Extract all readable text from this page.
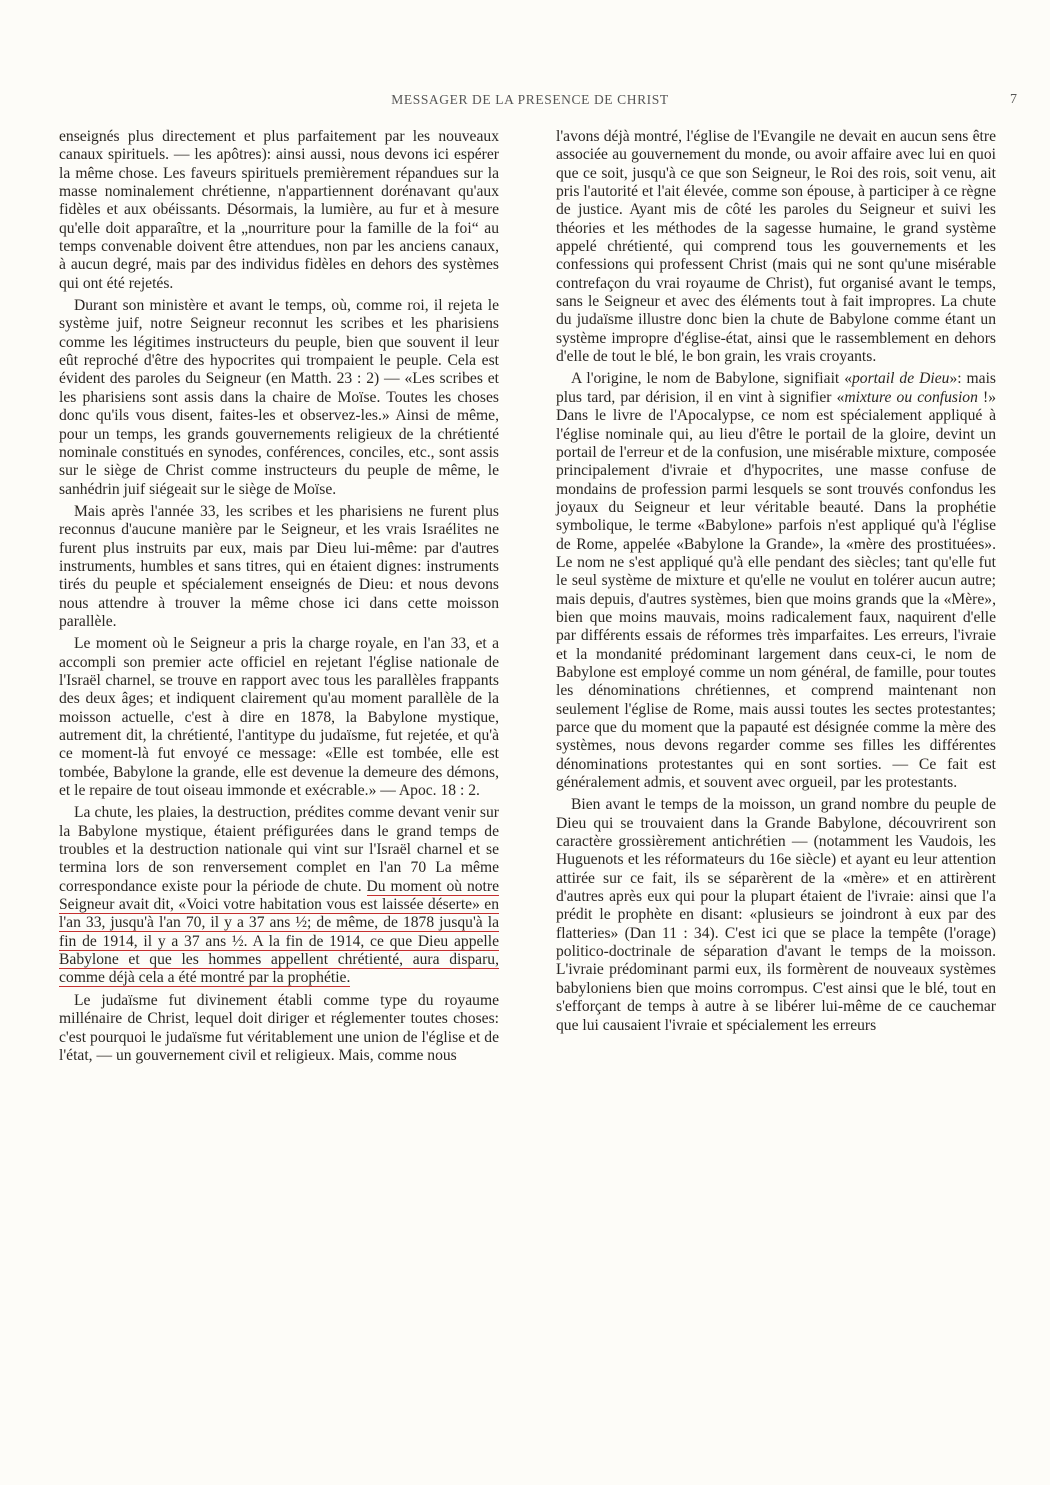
MESSAGER DE LA PRESENCE DE CHRIST	7

enseignés plus directement et plus parfaitement par les nouveaux canaux spirituels. — les apôtres): ainsi aussi, nous devons ici espérer la même chose. Les faveurs spirituels premièrement répandues sur la masse nominalement chrétienne, n'appartiennent dorénavant qu'aux fidèles et aux obéissants. Désormais, la lumière, au fur et à mesure qu'elle doit apparaître, et la „nourriture pour la famille de la foi“ au temps convenable doivent être attendues, non par les anciens canaux, à aucun degré, mais par des individus fidèles en dehors des systèmes qui ont été rejetés.

Durant son ministère et avant le temps, où, comme roi, il rejeta le système juif, notre Seigneur reconnut les scribes et les pharisiens comme les légitimes instructeurs du peuple, bien que souvent il leur eût reproché d'être des hypocrites qui trompaient le peuple. Cela est évident des paroles du Seigneur (en Matth. 23 : 2) — «Les scribes et les pharisiens sont assis dans la chaire de Moïse. Toutes les choses donc qu'ils vous disent, faites-les et observez-les.» Ainsi de même, pour un temps, les grands gouvernements religieux de la chrétienté nominale constitués en synodes, conférences, conciles, etc., sont assis sur le siège de Christ comme instructeurs du peuple de même, le sanhédrin juif siégeait sur le siège de Moïse.

Mais après l'année 33, les scribes et les pharisiens ne furent plus reconnus d'aucune manière par le Seigneur, et les vrais Israélites ne furent plus instruits par eux, mais par Dieu lui-même: par d'autres instruments, humbles et sans titres, qui en étaient dignes: instruments tirés du peuple et spécialement enseignés de Dieu: et nous devons nous attendre à trouver la même chose ici dans cette moisson parallèle.

Le moment où le Seigneur a pris la charge royale, en l'an 33, et a accompli son premier acte officiel en rejetant l'église nationale de l'Israël charnel, se trouve en rapport avec tous les parallèles frappants des deux âges; et indiquent clairement qu'au moment parallèle de la moisson actuelle, c'est à dire en 1878, la Babylone mystique, autrement dit, la chrétienté, l'antitype du judaïsme, fut rejetée, et qu'à ce moment-là fut envoyé ce message: «Elle est tombée, elle est tombée, Babylone la grande, elle est devenue la demeure des démons, et le repaire de tout oiseau immonde et exécrable.» — Apoc. 18 : 2.

La chute, les plaies, la destruction, prédites comme devant venir sur la Babylone mystique, étaient préfigurées dans le grand temps de troubles et la destruction nationale qui vint sur l'Israël charnel et se termina lors de son renversement complet en l'an 70 La même correspondance existe pour la période de chute. Du moment où notre Seigneur avait dit, «Voici votre habitation vous est laissée déserte» en l'an 33, jusqu'à l'an 70, il y a 37 ans ½; de même, de 1878 jusqu'à la fin de 1914, il y a 37 ans ½. A la fin de 1914, ce que Dieu appelle Babylone et que les hommes appellent chrétienté, aura disparu, comme déjà cela a été montré par la prophétie.

Le judaïsme fut divinement établi comme type du royaume millénaire de Christ, lequel doit diriger et réglementer toutes choses: c'est pourquoi le judaïsme fut véritablement une union de l'église et de l'état, — un gouvernement civil et religieux. Mais, comme nous

l'avons déjà montré, l'église de l'Evangile ne devait en aucun sens être associée au gouvernement du monde, ou avoir affaire avec lui en quoi que ce soit, jusqu'à ce que son Seigneur, le Roi des rois, soit venu, ait pris l'autorité et l'ait élevée, comme son épouse, à participer à ce règne de justice. Ayant mis de côté les paroles du Seigneur et suivi les théories et les méthodes de la sagesse humaine, le grand système appelé chrétienté, qui comprend tous les gouvernements et les confessions qui professent Christ (mais qui ne sont qu'une misérable contrefaçon du vrai royaume de Christ), fut organisé avant le temps, sans le Seigneur et avec des éléments tout à fait impropres. La chute du judaïsme illustre donc bien la chute de Babylone comme étant un système impropre d'église-état, ainsi que le rassemblement en dehors d'elle de tout le blé, le bon grain, les vrais croyants.

A l'origine, le nom de Babylone, signifiait «portail de Dieu»: mais plus tard, par dérision, il en vint à signifier «mixture ou confusion !» Dans le livre de l'Apocalypse, ce nom est spécialement appliqué à l'église nominale qui, au lieu d'être le portail de la gloire, devint un portail de l'erreur et de la confusion, une misérable mixture, composée principalement d'ivraie et d'hypocrites, une masse confuse de mondains de profession parmi lesquels se sont trouvés confondus les joyaux du Seigneur et leur véritable beauté. Dans la prophétie symbolique, le terme «Babylone» parfois n'est appliqué qu'à l'église de Rome, appelée «Babylone la Grande», la «mère des prostituées». Le nom ne s'est appliqué qu'à elle pendant des siècles; tant qu'elle fut le seul système de mixture et qu'elle ne voulut en tolérer aucun autre; mais depuis, d'autres systèmes, bien que moins grands que la «Mère», bien que moins mauvais, moins radicalement faux, naquirent d'elle par différents essais de réformes très imparfaites. Les erreurs, l'ivraie et la mondanité prédominant largement dans ceux-ci, le nom de Babylone est employé comme un nom général, de famille, pour toutes les dénominations chrétiennes, et comprend maintenant non seulement l'église de Rome, mais aussi toutes les sectes protestantes; parce que du moment que la papauté est désignée comme la mère des systèmes, nous devons regarder comme ses filles les différentes dénominations protestantes qui en sont sorties. — Ce fait est généralement admis, et souvent avec orgueil, par les protestants.

Bien avant le temps de la moisson, un grand nombre du peuple de Dieu qui se trouvaient dans la Grande Babylone, découvrirent son caractère grossièrement antichrétien — (notamment les Vaudois, les Huguenots et les réformateurs du 16e siècle) et ayant eu leur attention attirée sur ce fait, ils se séparèrent de la «mère» et en attirèrent d'autres après eux qui pour la plupart étaient de l'ivraie: ainsi que l'a prédit le prophète en disant: «plusieurs se joindront à eux par des flatteries» (Dan 11 : 34). C'est ici que se place la tempête (l'orage) politico-doctrinale de séparation d'avant le temps de la moisson. L'ivraie prédominant parmi eux, ils formèrent de nouveaux systèmes babyloniens bien que moins corrompus. C'est ainsi que le blé, tout en s'efforçant de temps à autre à se libérer lui-même de ce cauchemar que lui causaient l'ivraie et spécialement les erreurs
